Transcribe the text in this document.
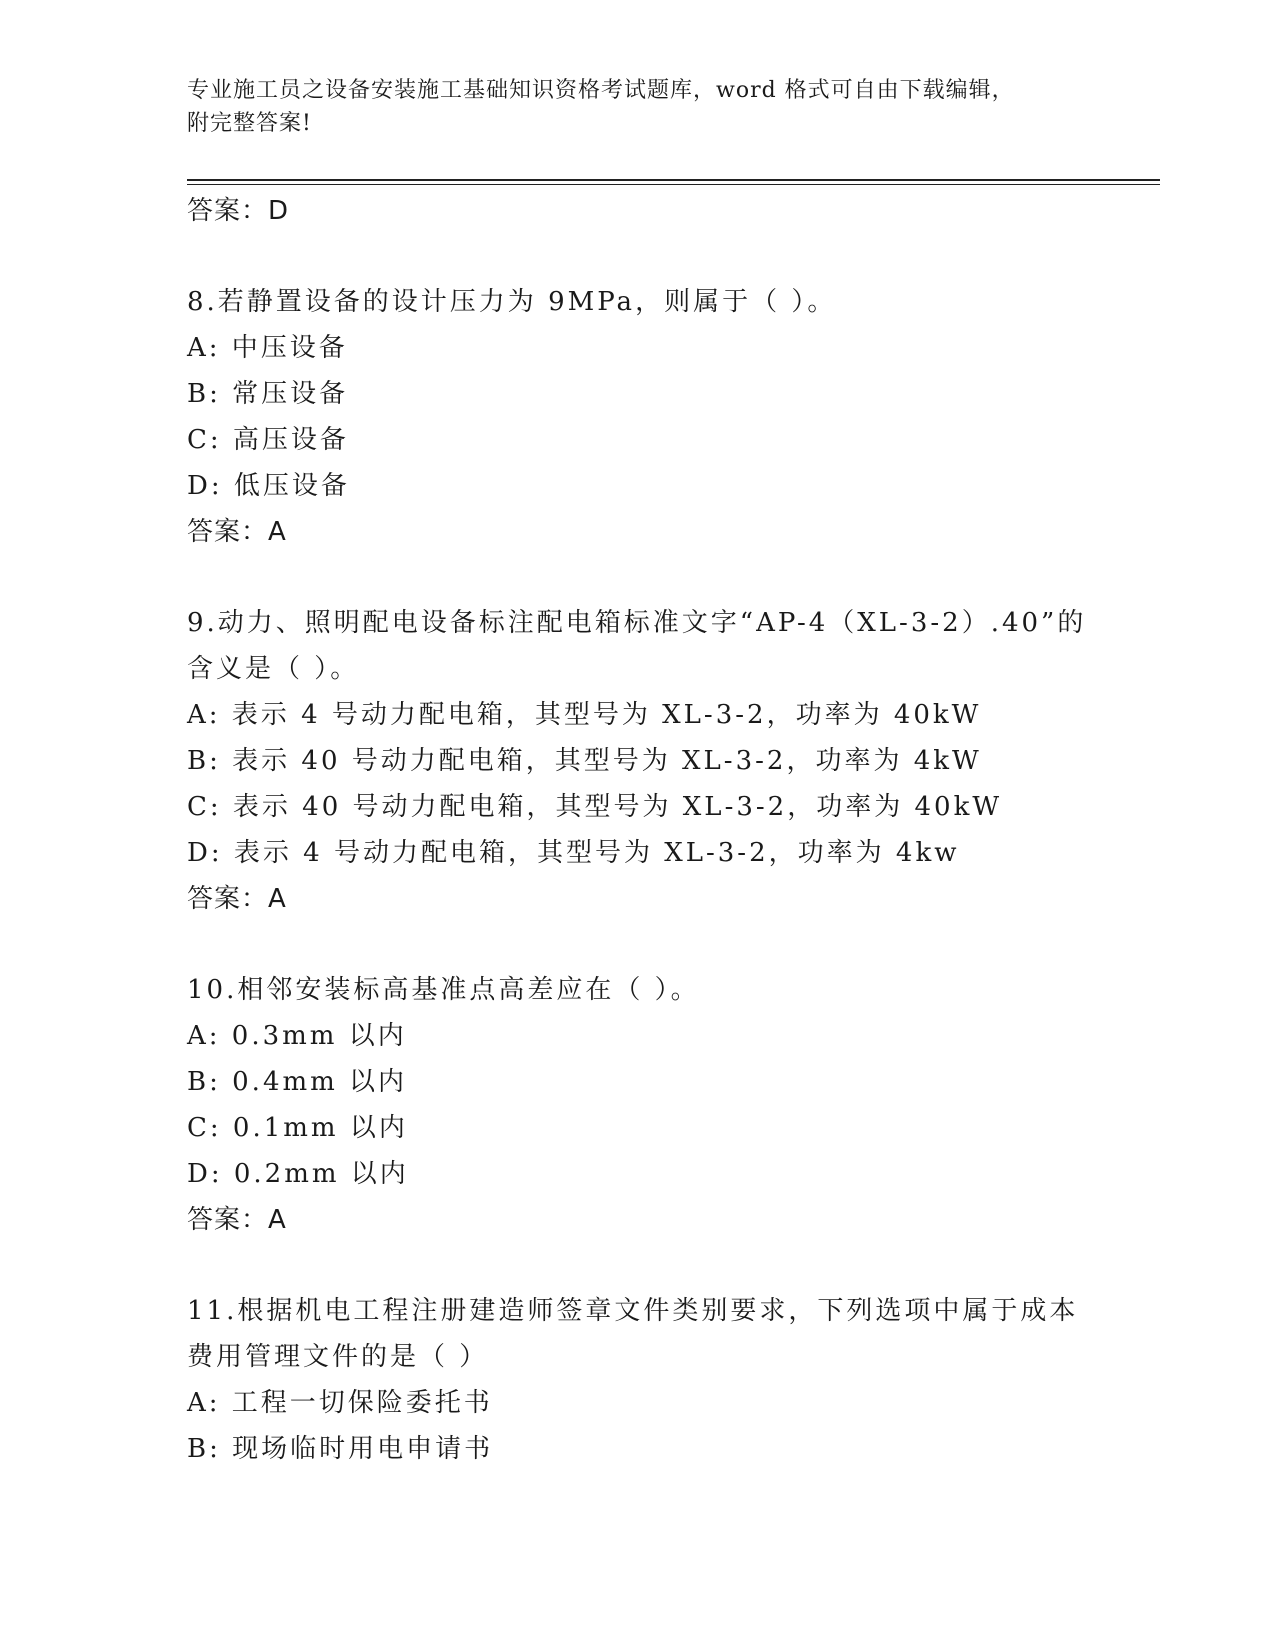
专业施工员之设备安装施工基础知识资格考试题库，word 格式可自由下载编辑，
附完整答案!
答案：D
8.若静置设备的设计压力为 9MPa，则属于（ ）。
A: 中压设备
B: 常压设备
C: 高压设备
D: 低压设备
答案：A
9.动力、照明配电设备标注配电箱标准文字“AP-4（XL-3-2）.40”的
含义是（ ）。
A: 表示 4 号动力配电箱，其型号为 XL-3-2，功率为 40kW
B: 表示 40 号动力配电箱，其型号为 XL-3-2，功率为 4kW
C: 表示 40 号动力配电箱，其型号为 XL-3-2，功率为 40kW
D: 表示 4 号动力配电箱，其型号为 XL-3-2，功率为 4kw
答案：A
10.相邻安装标高基准点高差应在（ ）。
A: 0.3mm 以内
B: 0.4mm 以内
C: 0.1mm 以内
D: 0.2mm 以内
答案：A
11.根据机电工程注册建造师签章文件类别要求，下列选项中属于成本
费用管理文件的是（ ）
A: 工程一切保险委托书
B: 现场临时用电申请书
